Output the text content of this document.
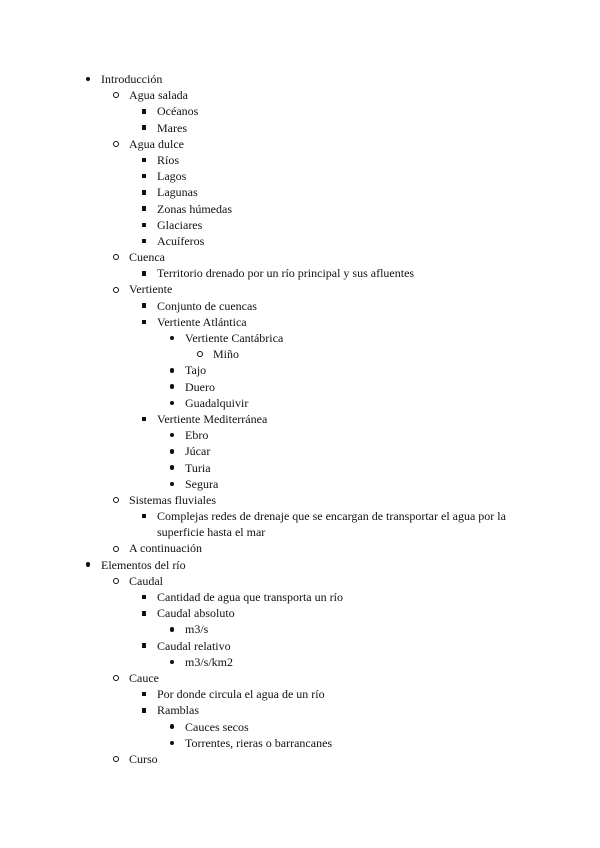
Introducción
Agua salada
Océanos
Mares
Agua dulce
Ríos
Lagos
Lagunas
Zonas húmedas
Glaciares
Acuíferos
Cuenca
Territorio drenado por un río principal y sus afluentes
Vertiente
Conjunto de cuencas
Vertiente Atlántica
Vertiente Cantábrica
Miño
Tajo
Duero
Guadalquivir
Vertiente Mediterránea
Ebro
Júcar
Turia
Segura
Sistemas fluviales
Complejas redes de drenaje que se encargan de transportar el agua por la superficie hasta el mar
A continuación
Elementos del río
Caudal
Cantidad de agua que transporta un río
Caudal absoluto
m3/s
Caudal relativo
m3/s/km2
Cauce
Por donde circula el agua de un río
Ramblas
Cauces secos
Torrentes, rieras o barrancanes
Curso
